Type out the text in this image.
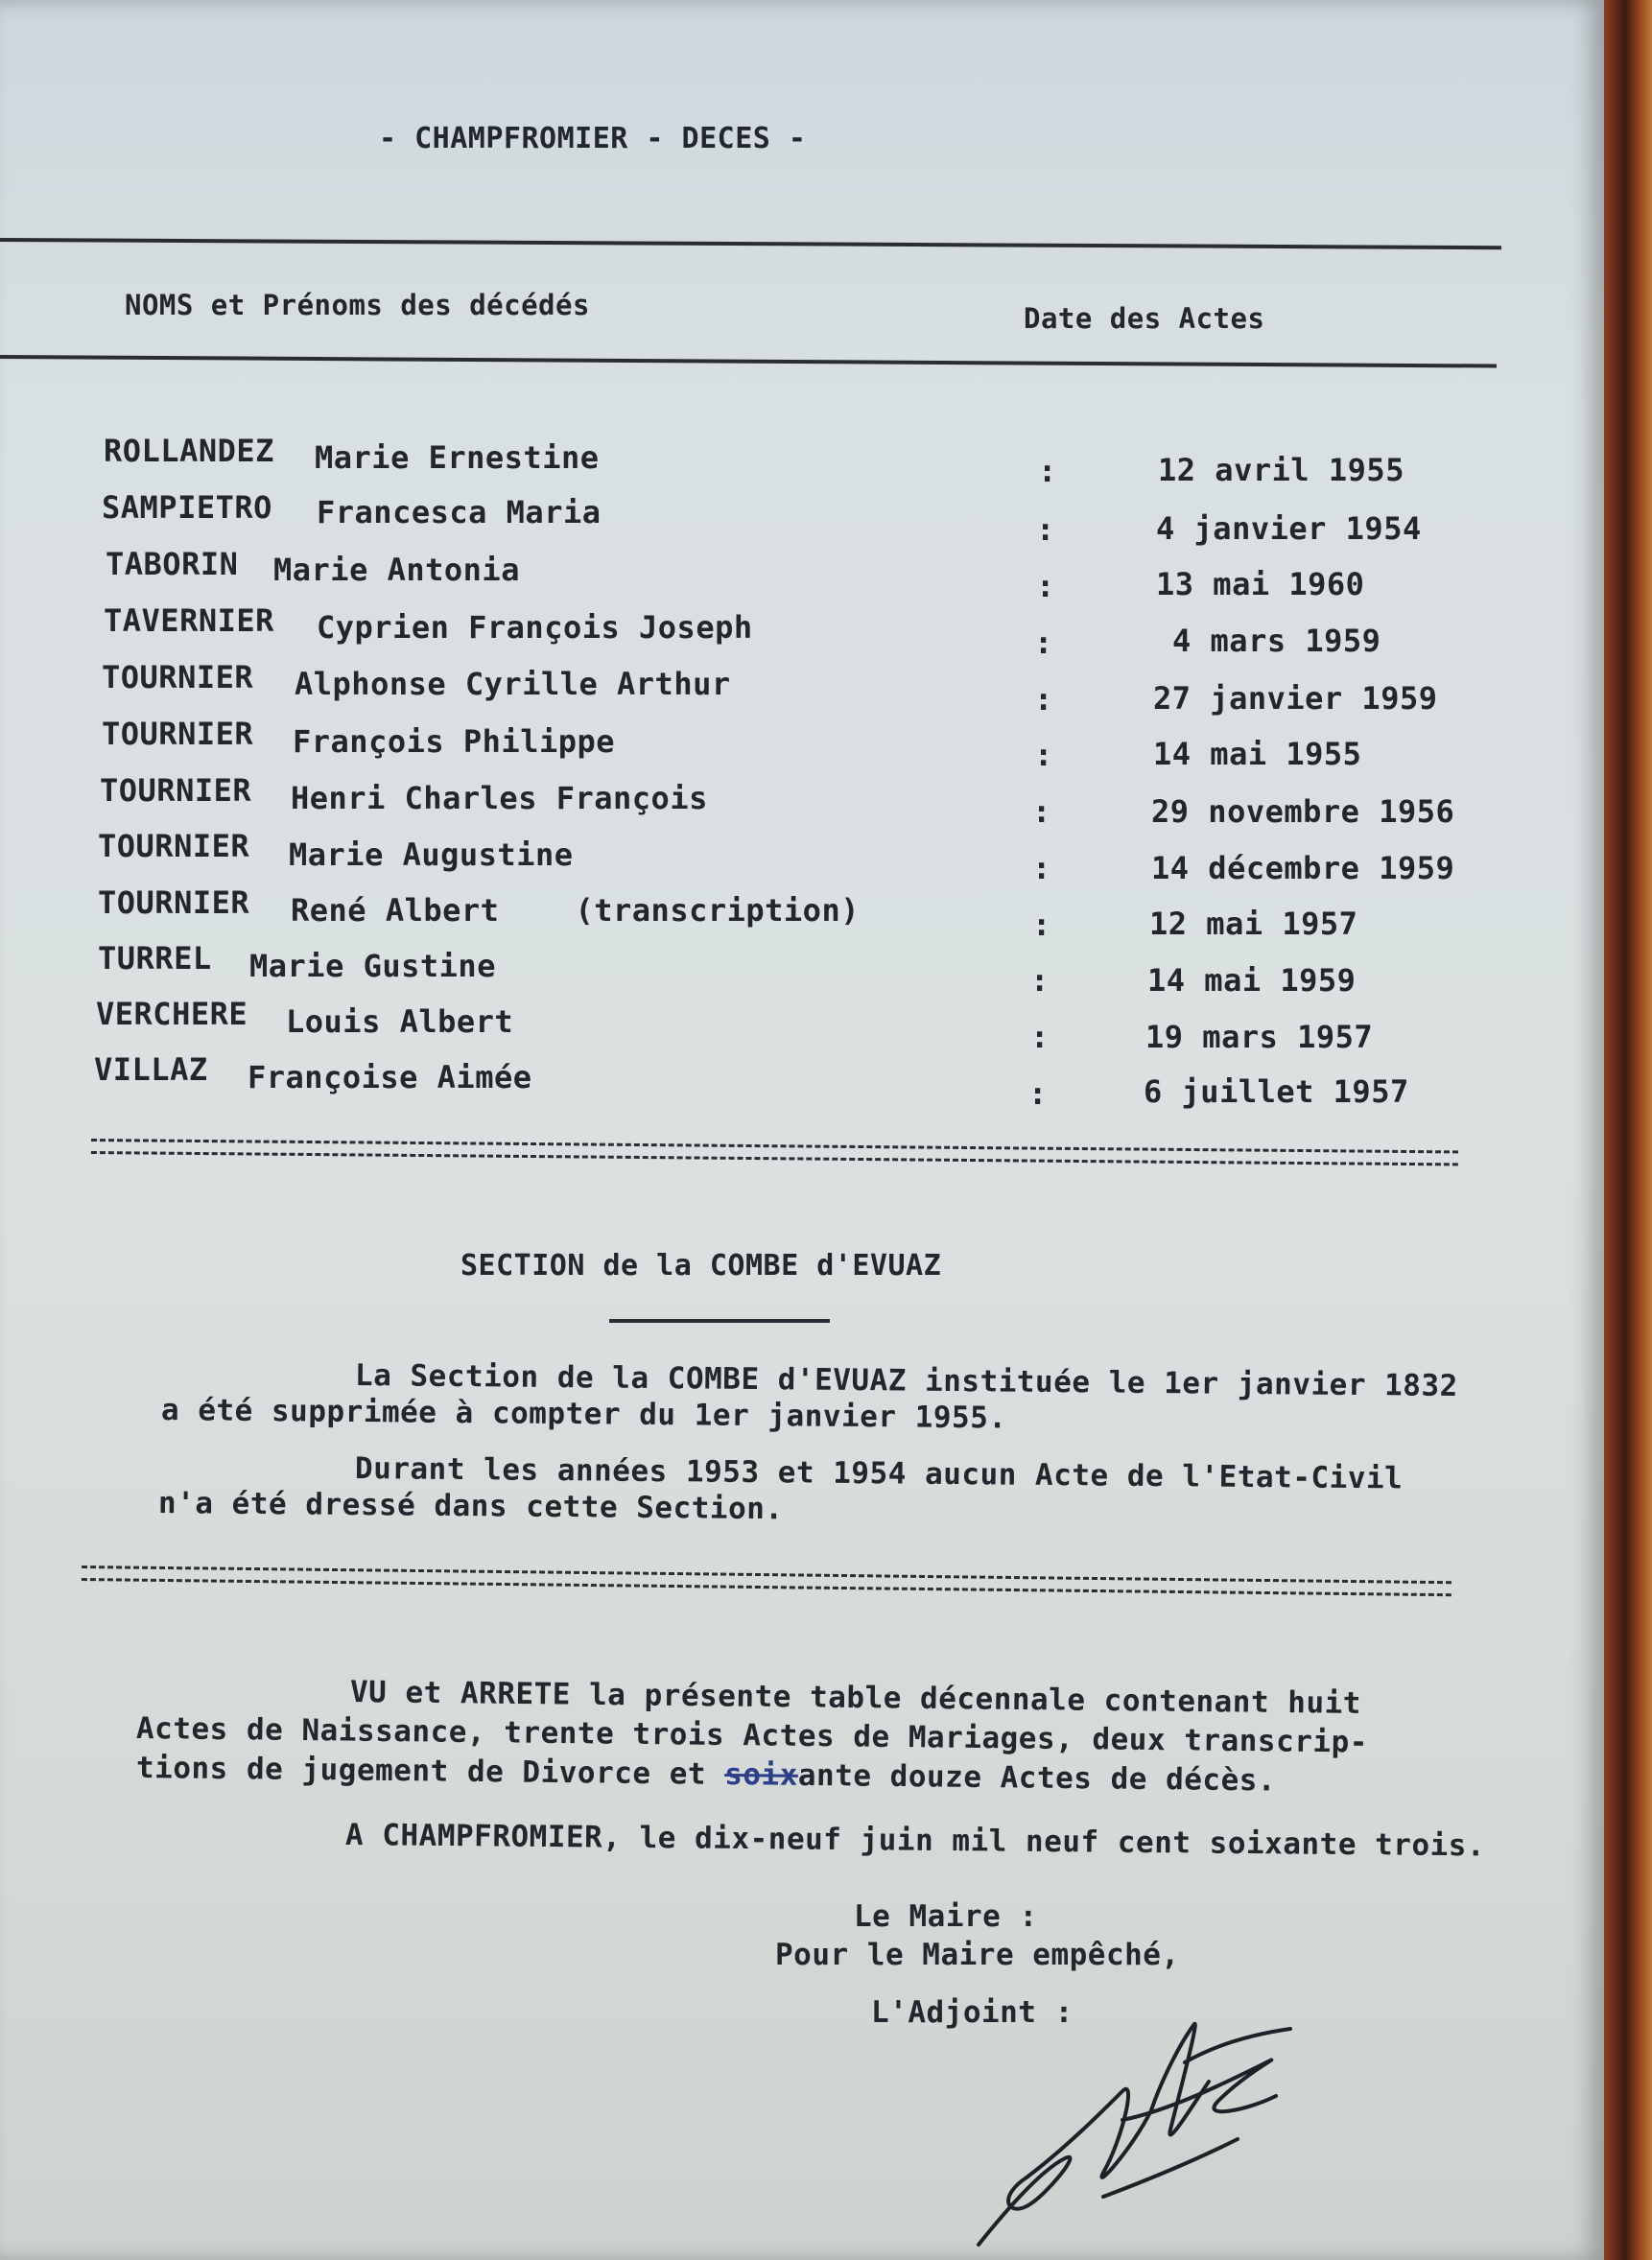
- CHAMPFROMIER - DECES -
NOMS et Prénoms des décédés	Date des Actes
ROLLANDEZ Marie Ernestine	:	12 avril 1955
SAMPIETRO Francesca Maria	:	4 janvier 1954
TABORIN Marie Antonia	:	13 mai 1960
TAVERNIER Cyprien François Joseph	:	4 mars 1959
TOURNIER Alphonse Cyrille Arthur	:	27 janvier 1959
TOURNIER François Philippe	:	14 mai 1955
TOURNIER Henri Charles François	:	29 novembre 1956
TOURNIER Marie Augustine	:	14 décembre 1959
TOURNIER René Albert    (transcription)	:	12 mai 1957
TURREL Marie Gustine	:	14 mai 1959
VERCHERE Louis Albert	:	19 mars 1957
VILLAZ Françoise Aimée	:	6 juillet 1957
SECTION de la COMBE d'EVUAZ
La Section de la COMBE d'EVUAZ instituée le 1er janvier 1832
a été supprimée à compter du 1er janvier 1955.
Durant les années 1953 et 1954 aucun Acte de l'Etat-Civil
n'a été dressé dans cette Section.
VU et ARRETE la présente table décennale contenant huit
Actes de Naissance, trente trois Actes de Mariages, deux transcrip-
tions de jugement de Divorce et soixante douze Actes de décès.
A CHAMPFROMIER, le dix-neuf juin mil neuf cent soixante trois.
Le Maire :
Pour le Maire empêché,
L'Adjoint :
